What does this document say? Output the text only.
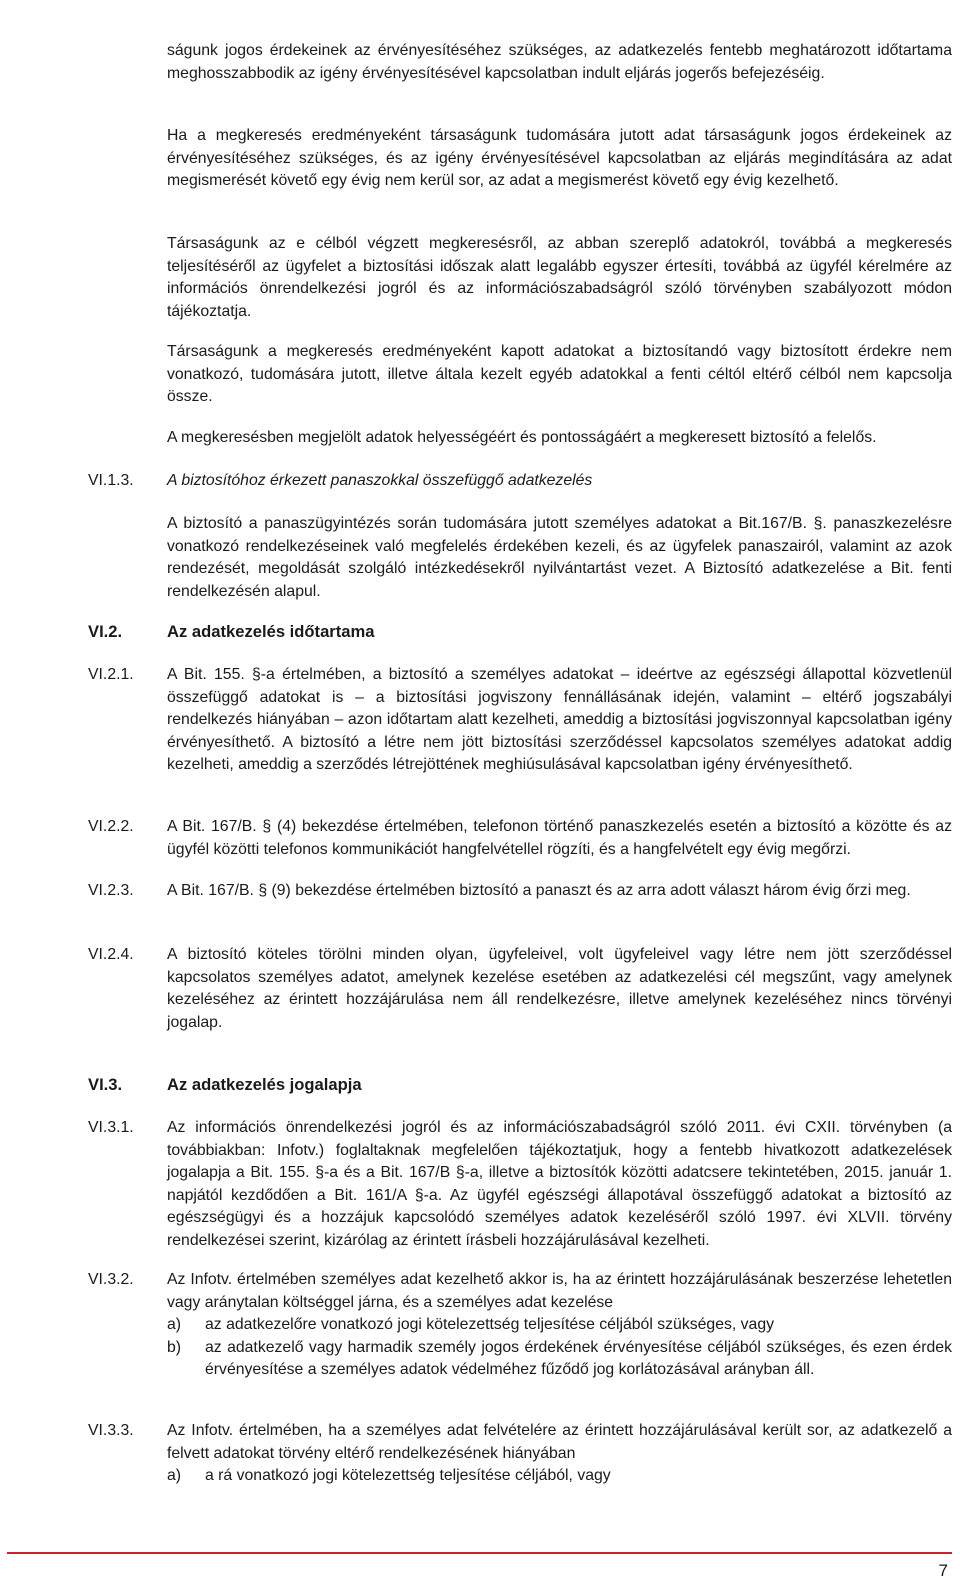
ságunk jogos érdekeinek az érvényesítéséhez szükséges, az adatkezelés fentebb meghatározott időtartama meghosszabbodik az igény érvényesítésével kapcsolatban indult eljárás jogerős befejezéséig.

Ha a megkeresés eredményeként társaságunk tudomására jutott adat társaságunk jogos érdekeinek az érvényesítéséhez szükséges, és az igény érvényesítésével kapcsolatban az eljárás megindítására az adat megismerését követő egy évig nem kerül sor, az adat a megismerést követő egy évig kezelhető.

Társaságunk az e célból végzett megkeresésről, az abban szereplő adatokról, továbbá a megkeresés teljesítéséről az ügyfelet a biztosítási időszak alatt legalább egyszer értesíti, továbbá az ügyfél kérelmére az információs önrendelkezési jogról és az információszabadságról szóló törvényben szabályozott módon tájékoztatja.

Társaságunk a megkeresés eredményeként kapott adatokat a biztosítandó vagy biztosított érdekre nem vonatkozó, tudomására jutott, illetve általa kezelt egyéb adatokkal a fenti céltól eltérő célból nem kapcsolja össze.

A megkeresésben megjelölt adatok helyességéért és pontosságáért a megkeresett biztosító a felelős.

VI.1.3.	A biztosítóhoz érkezett panaszokkal összefüggő adatkezelés

A biztosító a panaszügyintézés során tudomására jutott személyes adatokat a Bit.167/B. §. panaszkezelésre vonatkozó rendelkezéseinek való megfelelés érdekében kezeli, és az ügyfelek panaszairól, valamint az azok rendezését, megoldását szolgáló intézkedésekről nyilvántartást vezet. A Biztosító adatkezelése a Bit. fenti rendelkezésén alapul.

VI.2.	Az adatkezelés időtartama

VI.2.1.	A Bit. 155. §-a értelmében, a biztosító a személyes adatokat – ideértve az egészségi állapottal közvetlenül összefüggő adatokat is – a biztosítási jogviszony fennállásának idején, valamint – eltérő jogszabályi rendelkezés hiányában – azon időtartam alatt kezelheti, ameddig a biztosítási jogviszonnyal kapcsolatban igény érvényesíthető. A biztosító a létre nem jött biztosítási szerződéssel kapcsolatos személyes adatokat addig kezelheti, ameddig a szerződés létrejöttének meghiúsulásával kapcsolatban igény érvényesíthető.

VI.2.2.	A Bit. 167/B. § (4) bekezdése értelmében, telefonon történő panaszkezelés esetén a biztosító a közötte és az ügyfél közötti telefonos kommunikációt hangfelvétellel rögzíti, és a hangfelvételt egy évig megőrzi.

VI.2.3.	A Bit. 167/B. § (9) bekezdése értelmében biztosító a panaszt és az arra adott választ három évig őrzi meg.

VI.2.4.	A biztosító köteles törölni minden olyan, ügyfeleivel, volt ügyfeleivel vagy létre nem jött szerződéssel kapcsolatos személyes adatot, amelynek kezelése esetében az adatkezelési cél megszűnt, vagy amelynek kezeléséhez az érintett hozzájárulása nem áll rendelkezésre, illetve amelynek kezeléséhez nincs törvényi jogalap.

VI.3.	Az adatkezelés jogalapja

VI.3.1.	Az információs önrendelkezési jogról és az információszabadságról szóló 2011. évi CXII. törvényben (a továbbiakban: Infotv.) foglaltaknak megfelelően tájékoztatjuk, hogy a fentebb hivatkozott adatkezelések jogalapja a Bit. 155. §-a és a Bit. 167/B §-a, illetve a biztosítók közötti adatcsere tekintetében, 2015. január 1. napjától kezdődően a Bit. 161/A §-a. Az ügyfél egészségi állapotával összefüggő adatokat a biztosító az egészségügyi és a hozzájuk kapcsolódó személyes adatok kezeléséről szóló 1997. évi XLVII. törvény rendelkezései szerint, kizárólag az érintett írásbeli hozzájárulásával kezelheti.

VI.3.2.	Az Infotv. értelmében személyes adat kezelhető akkor is, ha az érintett hozzájárulásának beszerzése lehetetlen vagy aránytalan költséggel járna, és a személyes adat kezelése

a)	az adatkezelőre vonatkozó jogi kötelezettség teljesítése céljából szükséges, vagy
b)	az adatkezelő vagy harmadik személy jogos érdekének érvényesítése céljából szükséges, és ezen érdek érvényesítése a személyes adatok védelméhez fűződő jog korlátozásával arányban áll.

VI.3.3.	Az Infotv. értelmében, ha a személyes adat felvételére az érintett hozzájárulásával került sor, az adatkezelő a felvett adatokat törvény eltérő rendelkezésének hiányában

a)	a rá vonatkozó jogi kötelezettség teljesítése céljából, vagy
7
